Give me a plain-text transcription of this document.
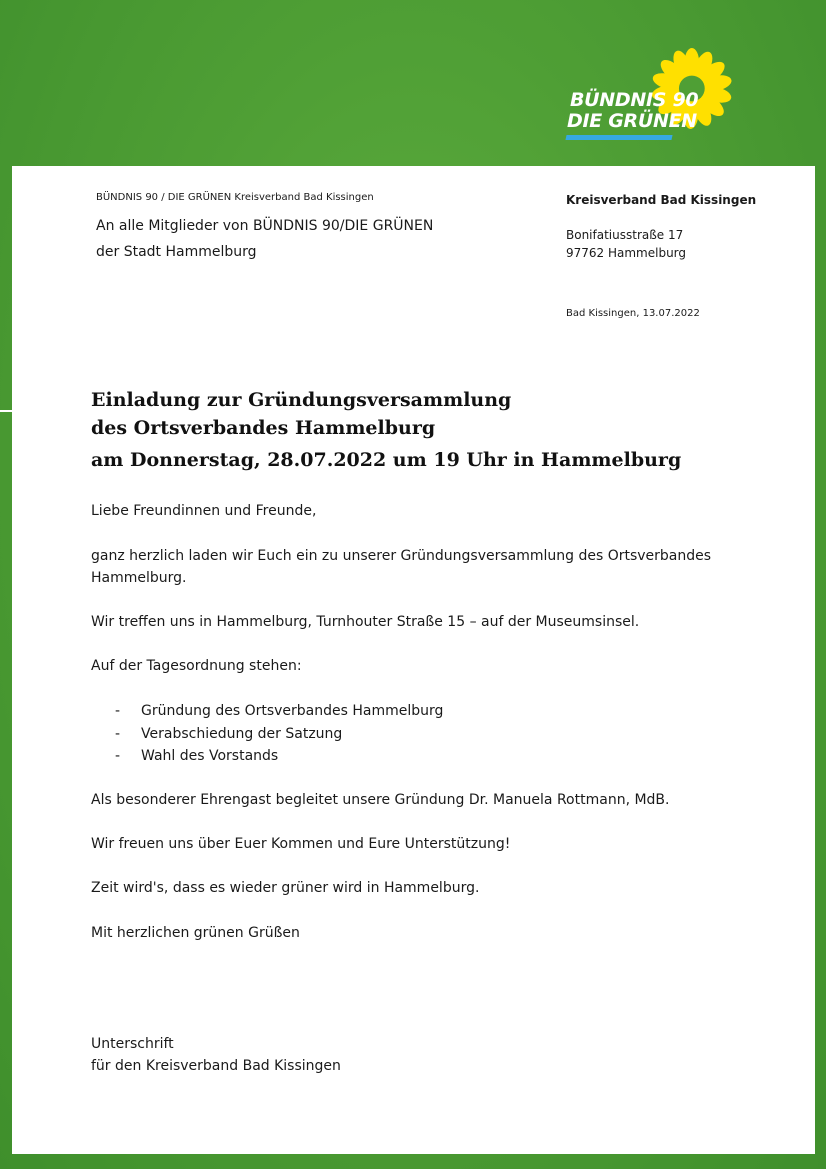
BÜNDNIS 90
DIE GRÜNEN
BÜNDNIS 90 / DIE GRÜNEN Kreisverband Bad Kissingen
An alle Mitglieder von BÜNDNIS 90/DIE GRÜNEN
der Stadt Hammelburg
Kreisverband Bad Kissingen
Bonifatiusstraße 17
97762 Hammelburg
Bad Kissingen, 13.07.2022
Einladung zur Gründungsversammlung
des Ortsverbandes Hammelburg
am Donnerstag, 28.07.2022 um 19 Uhr in Hammelburg
Liebe Freundinnen und Freunde,
ganz herzlich laden wir Euch ein zu unserer Gründungsversammlung des Ortsverbandes
Hammelburg.
Wir treffen uns in Hammelburg, Turnhouter Straße 15 – auf der Museumsinsel.
Auf der Tagesordnung stehen:
- Gründung des Ortsverbandes Hammelburg
- Verabschiedung der Satzung
- Wahl des Vorstands
Als besonderer Ehrengast begleitet unsere Gründung Dr. Manuela Rottmann, MdB.
Wir freuen uns über Euer Kommen und Eure Unterstützung!
Zeit wird's, dass es wieder grüner wird in Hammelburg.
Mit herzlichen grünen Grüßen
Unterschrift
für den Kreisverband Bad Kissingen
